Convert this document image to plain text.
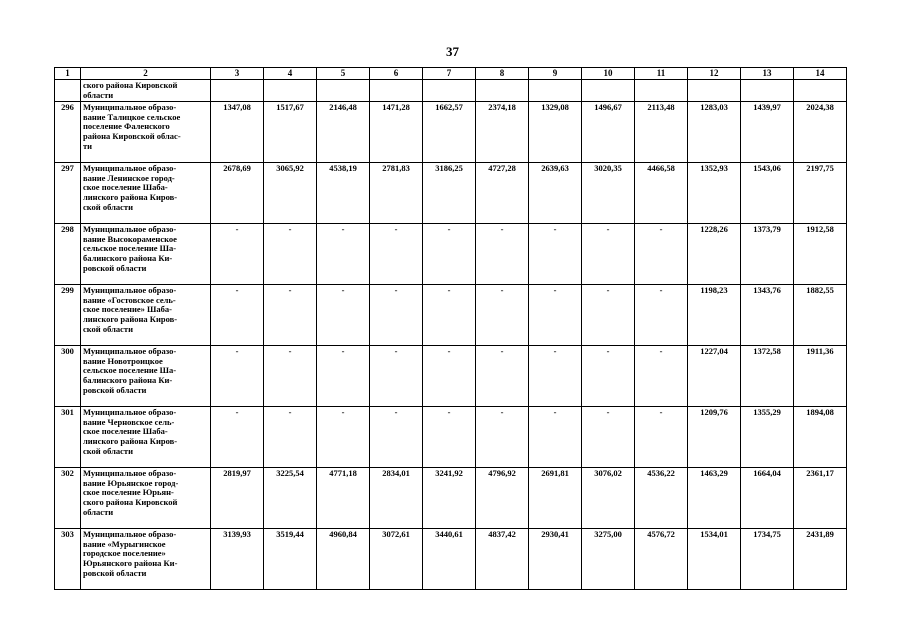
37
1	2	3	4	5	6	7	8	9	10	11	12	13	14

	ского района Кировской
области												

296	Муниципальное образо-
вание Талицкое сельское
поселение Фаленского
района Кировской облас-
ти	1347,08	1517,67	2146,48	1471,28	1662,57	2374,18	1329,08	1496,67	2113,48	1283,03	1439,97	2024,38
297	Муниципальное образо-
вание Ленинское город-
ское поселение Шаба-
линского района Киров-
ской области	2678,69	3065,92	4538,19	2781,83	3186,25	4727,28	2639,63	3020,35	4466,58	1352,93	1543,06	2197,75
298	Муниципальное образо-
вание Высокораменское
сельское поселение Ша-
балинского района Ки-
ровской области	-	-	-	-	-	-	-	-	-	1228,26	1373,79	1912,58
299	Муниципальное образо-
вание «Гостовское сель-
ское поселение» Шаба-
линского района Киров-
ской области	-	-	-	-	-	-	-	-	-	1198,23	1343,76	1882,55
300	Муниципальное образо-
вание Новотроицкое
сельское поселение Ша-
балинского района Ки-
ровской области	-	-	-	-	-	-	-	-	-	1227,04	1372,58	1911,36
301	Муниципальное образо-
вание Черновское сель-
ское поселение Шаба-
линского района Киров-
ской области	-	-	-	-	-	-	-	-	-	1209,76	1355,29	1894,08
302	Муниципальное образо-
вание Юрьянское город-
ское поселение Юрьян-
ского района Кировской
области	2819,97	3225,54	4771,18	2834,01	3241,92	4796,92	2691,81	3076,02	4536,22	1463,29	1664,04	2361,17
303	Муниципальное образо-
вание «Мурыгинское
городское поселение»
Юрьянского района Ки-
ровской области	3139,93	3519,44	4960,84	3072,61	3440,61	4837,42	2930,41	3275,00	4576,72	1534,01	1734,75	2431,89
